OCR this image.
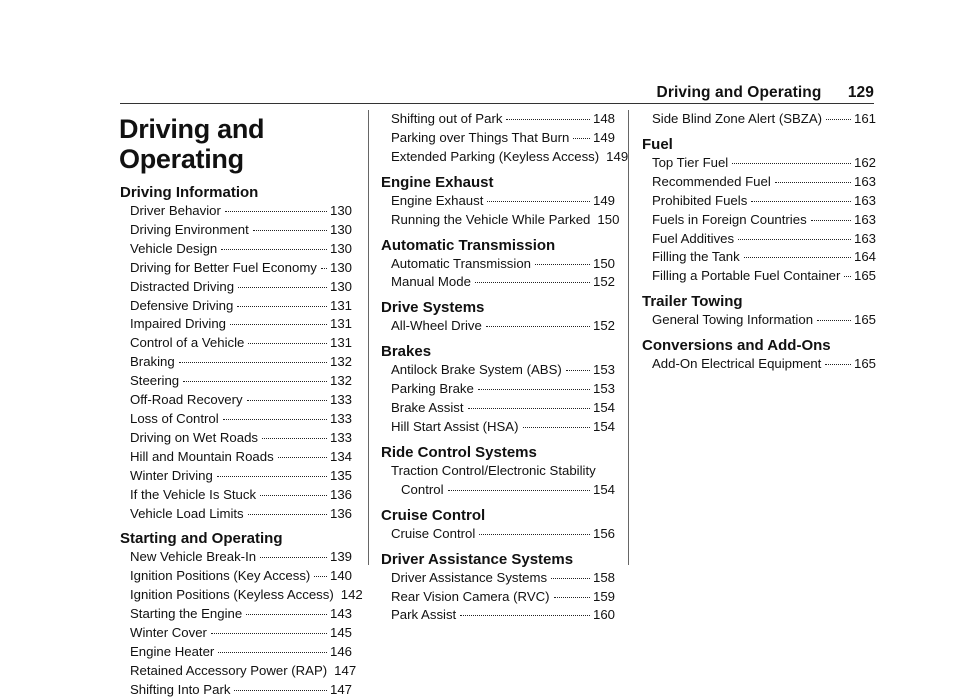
Driving and Operating 129
Driving and Operating
Driving Information
Driver Behavior	130
Driving Environment	130
Vehicle Design	130
Driving for Better Fuel Economy 130
Distracted Driving	130
Defensive Driving	131
Impaired Driving	131
Control of a Vehicle	131
Braking	132
Steering	132
Off-Road Recovery	133
Loss of Control	133
Driving on Wet Roads	133
Hill and Mountain Roads	134
Winter Driving	135
If the Vehicle Is Stuck	136
Vehicle Load Limits	136
Starting and Operating
New Vehicle Break-In	139
Ignition Positions (Key Access) 140
Ignition Positions (Keyless Access) 142
Starting the Engine	143
Winter Cover	145
Engine Heater	146
Retained Accessory Power (RAP) 147
Shifting Into Park	147
Shifting out of Park	148
Parking over Things That Burn 149
Extended Parking (Keyless Access) 149
Engine Exhaust
Engine Exhaust	149
Running the Vehicle While Parked 150
Automatic Transmission
Automatic Transmission	150
Manual Mode	152
Drive Systems
All-Wheel Drive	152
Brakes
Antilock Brake System (ABS) 153
Parking Brake	153
Brake Assist	154
Hill Start Assist (HSA)	154
Ride Control Systems
Traction Control/Electronic Stability
Control	154
Cruise Control
Cruise Control	156
Driver Assistance Systems
Driver Assistance Systems	158
Rear Vision Camera (RVC)	159
Park Assist	160
Side Blind Zone Alert (SBZA) 161
Fuel
Top Tier Fuel	162
Recommended Fuel	163
Prohibited Fuels	163
Fuels in Foreign Countries	163
Fuel Additives	163
Filling the Tank	164
Filling a Portable Fuel Container 165
Trailer Towing
General Towing Information	165
Conversions and Add-Ons
Add-On Electrical Equipment 165
